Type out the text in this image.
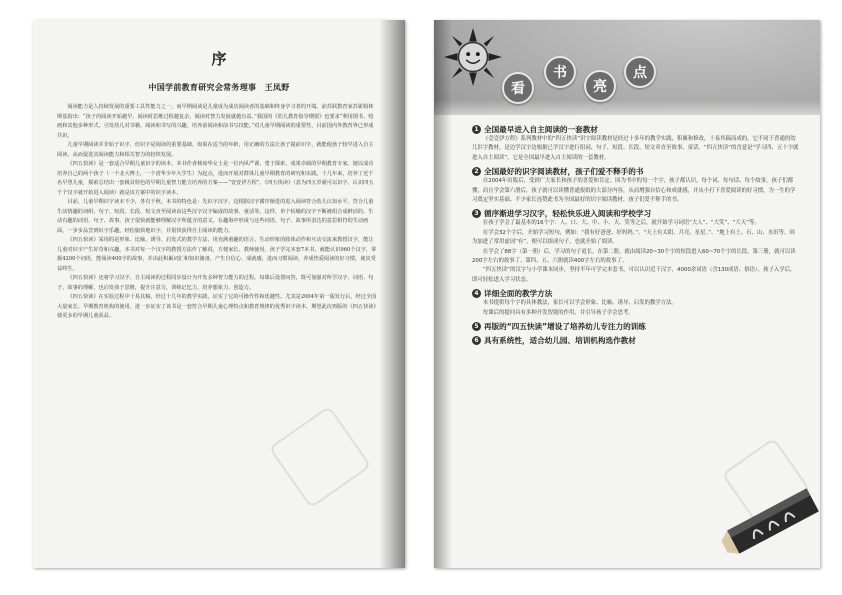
序
中国学前教育研究会常务理事　王凤野

阅读能力是人持续发展的重要工具性能力之一，而早期阅读是儿童成为成功阅读者的基础和终身学习者的开端。前苏联教育家苏霍姆林斯基指出：“孩子的阅读开始越早，阅读时思维过程越复杂，阅读对智力发展就越有益。”我国的《幼儿教育指导纲要》也要求“利用图书、绘画和其他多种形式，引发幼儿对书籍、阅读和书写的兴趣，培养前阅读和前书写技能。”对儿童早期阅读的重要性，目前国内外教育界已形成共识。

儿童早期阅读并非始于识字，但识字是阅读的重要基础。如果在适当的年龄，用正确的方法让孩子提前识字，就能使孩子较早进入自主阅读，从而促进其阅读能力和相关智力的较快发展。

《四五快读》是一套适合早期儿童识字的读本。本书作者杨琼华女士是一位内风严谨、勇于探索、成果卓硕的早期教育专家。她以成功培养自己的两个孩子（一个北大博士，一个清华少年大学生）为起点，进而开展对群体儿童早期教育的研究和实践。十几年来，培养了近千名早慧儿童，摸索总结出一套极具特色的早期儿童智力能力培养的方案——“壹壹伊方程”。《四五快读》（意为四五岁就可以识字、认识四五千个汉字就开始进入阅读）就是该方案中的识字读本。

目前，儿童早期识字读本不少，各有千秋。本书的特色是：先识字汉字，边根据汉字循序渐进的进入阅读符合幼儿认知水平，符合儿童生活情趣的词组、句子、短段、长段、短文直至阅读由这些汉字汉字编成的故事、童话等。这样，单个枯燥的汉字不断被组合成鲜活的、生动有趣的词语、句子、故事。孩子很快就能够理解汉字所蕴含的意义，在趣海中形成与这些词语、句子、故事所表达的意思相符的生动画面，一步步品尝到识字乐趣，轻松愉快地识字，并很快获得自主阅读的能力。

《四五快读》采用的是形象、比喻、诱导、启发式的教学方法，用充满童趣的语言、生动形象的肢体动作和互动交流来教授汉字，能让儿童对识字产生好奇和兴趣。本书对每一个汉字的教授方法作了解说，方便家长、教师使用。孩子学完本套7本书，就能认识960个汉字，掌握4200个词语，能阅读400字的故事，并由此积累词汇和知识储备，产生自信心、成就感，进而习惯阅读，养成热爱阅读的好习惯，使其受益终生。

《四五快读》还将学习汉字、自主阅读的过程同步设计为开发多种智力能力的过程。每课后设置问答，既可加强对所学汉字、词语、句子、故事的理解，也启发孩子思维，提升注意力，训练记忆力，培养想象力、创造力。

《四五快读》在实验过程中十易其稿，经过十几年的教学实践，证实了它的可操作性和优越性。尤其是2004年第一版发行后，经过全国大量家长、早期教育机构的使用，进一步证实了该书是一套符合早期儿童心理特点和教育规律的优秀识字读本。期望此次再版的《四五快读》使更多的早期儿童获益。

看
书
亮
点
1 全国最早进入自主阅读的一套教材

《壹壹伊方程》系列教材中的“四五快读”识字阅读教材是经过十多年的教学实践、积累和修改，十易其稿而成的。它不同于普通的幼儿识字教材，是边学汉字边根据已学汉字进行组词、句子、短段、长段、短文章直至故事、童话。“四五快读”的含意是“学习四、五十字就进入自主阅读”，它是全国最早进入自主阅读的一套教材。

2 全国最好的识字阅读教材，孩子们爱不释手的书

自2004年出版后，受到广大家长和孩子的喜爱和肯定。因为书中的每一个字，孩子都认识，每个词、每句话、每个故事，孩子们都懂，而且学会第六册后，孩子就可以读懂普通报纸的大部分内容，从而增强自信心和成就感，并从小打下喜爱阅读的好习惯。为一生的学习奠定坚实基础。不少家长连赞此书为全国最好的识字阅读教材，孩子们爱不释手的书。

3 循序渐进学习汉字，轻松快乐进入阅读和学校学习

在孩子学会了最基本的16个字：人、口、大、中、小、天、笑等之后，就开始学习词语“大人”、“大笑”、“大天”等。

在学会32个字后，开始学习短句，例如：“我有好爸爸、好妈妈。”、“天上有太阳、月亮、星星。”、“地上有土、石、山、水田等。因为加进了常用虚词“有”，便可以组成句子，也就开始了阅读。

在学会了88字（第一册）后，学习的句子更长。在第二册，就由阅读20~30个字的短段进入60~70个字的长段。第三册，就可以读200字左右的故事了。第四、五、六册就读400字左右的故事了。

“四五快读”的汉字与小学课本同步，坚持半年可学完本套书，可以认识近千汉字，4000余词语（含130成语、俗语）。孩子入学后，即可轻松进入学习状态。

4 详细全面的教学方法

本书提供每个字的具体教法，家长可以学会形象、比喻、诱导、启发的教学方法。

每课后的提问具有多种开发智能的作用，并引导孩子学会思考。

5 再版的“四五快读”增设了培养幼儿专注力的训练
6 具有系统性，适合幼儿园、培训机构选作教材
